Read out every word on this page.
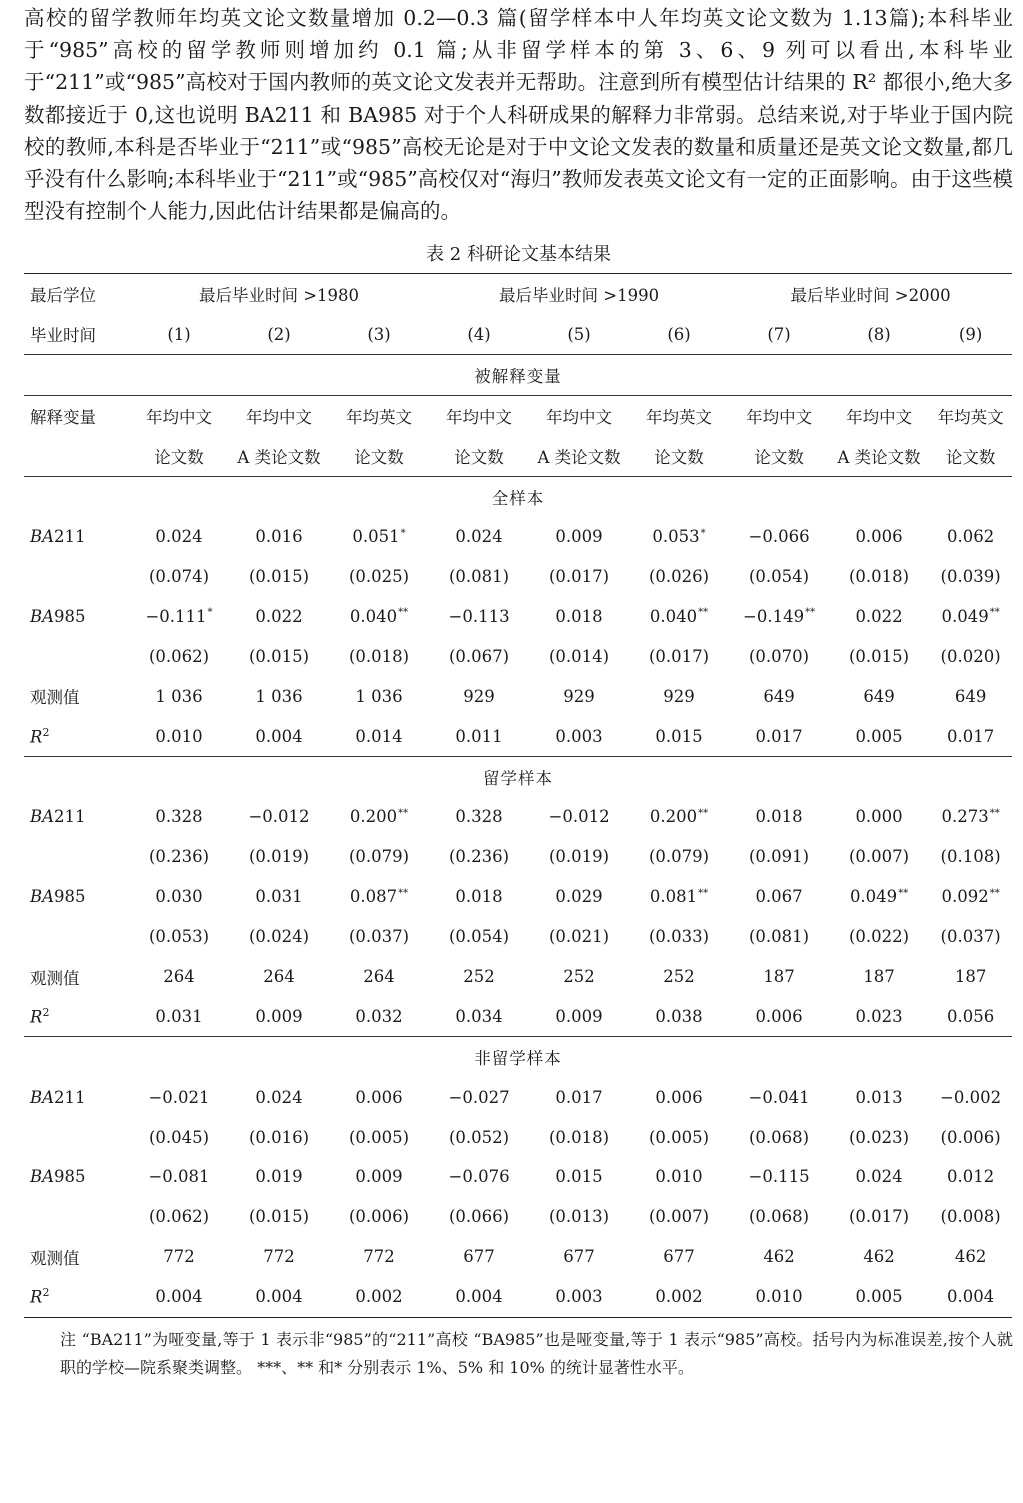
高校的留学教师年均英文论文数量增加 0.2—0.3 篇(留学样本中人年均英文论文数为 1.13篇);本科毕业于“985”高校的留学教师则增加约 0.1 篇;从非留学样本的第 3、6、9 列可以看出,本科毕业于“211”或“985”高校对于国内教师的英文论文发表并无帮助。注意到所有模型估计结果的 R² 都很小,绝大多数都接近于 0,这也说明 BA211 和 BA985 对于个人科研成果的解释力非常弱。总结来说,对于毕业于国内院校的教师,本科是否毕业于“211”或“985”高校无论是对于中文论文发表的数量和质量还是英文论文数量,都几乎没有什么影响;本科毕业于“211”或“985”高校仅对“海归”教师发表英文论文有一定的正面影响。由于这些模型没有控制个人能力,因此估计结果都是偏高的。

表 2 科研论文基本结果
最后学位	最后毕业时间 >1980			最后毕业时间 >1990			最后毕业时间 >2000		
毕业时间	(1)	(2)	(3)	(4)	(5)	(6)	(7)	(8)	(9)
被解释变量									
解释变量	年均中文	年均中文	年均英文	年均中文	年均中文	年均英文	年均中文	年均中文	年均英文
	论文数	A 类论文数	论文数	论文数	A 类论文数	论文数	论文数	A 类论文数	论文数
全样本									
BA211	0.024	0.016	0.051*	0.024	0.009	0.053*	−0.066	0.006	0.062
	(0.074)	(0.015)	(0.025)	(0.081)	(0.017)	(0.026)	(0.054)	(0.018)	(0.039)
BA985	−0.111*	0.022	0.040**	−0.113	0.018	0.040**	−0.149**	0.022	0.049**
	(0.062)	(0.015)	(0.018)	(0.067)	(0.014)	(0.017)	(0.070)	(0.015)	(0.020)
观测值	1 036	1 036	1 036	929	929	929	649	649	649
$R^2$	0.010	0.004	0.014	0.011	0.003	0.015	0.017	0.005	0.017
留学样本									
BA211	0.328	−0.012	0.200**	0.328	−0.012	0.200**	0.018	0.000	0.273**
	(0.236)	(0.019)	(0.079)	(0.236)	(0.019)	(0.079)	(0.091)	(0.007)	(0.108)
BA985	0.030	0.031	0.087**	0.018	0.029	0.081**	0.067	0.049**	0.092**
	(0.053)	(0.024)	(0.037)	(0.054)	(0.021)	(0.033)	(0.081)	(0.022)	(0.037)
观测值	264	264	264	252	252	252	187	187	187
$R^2$	0.031	0.009	0.032	0.034	0.009	0.038	0.006	0.023	0.056
非留学样本									
BA211	−0.021	0.024	0.006	−0.027	0.017	0.006	−0.041	0.013	−0.002
	(0.045)	(0.016)	(0.005)	(0.052)	(0.018)	(0.005)	(0.068)	(0.023)	(0.006)
BA985	−0.081	0.019	0.009	−0.076	0.015	0.010	−0.115	0.024	0.012
	(0.062)	(0.015)	(0.006)	(0.066)	(0.013)	(0.007)	(0.068)	(0.017)	(0.008)
观测值	772	772	772	677	677	677	462	462	462
$R^2$	0.004	0.004	0.002	0.004	0.003	0.002	0.010	0.005	0.004
注 “BA211”为哑变量,等于 1 表示非“985”的“211”高校 “BA985”也是哑变量,等于 1 表示“985”高校。括号内为标准误差,按个人就职的学校—院系聚类调整。 ***、** 和* 分别表示 1%、5% 和 10% 的统计显著性水平。
